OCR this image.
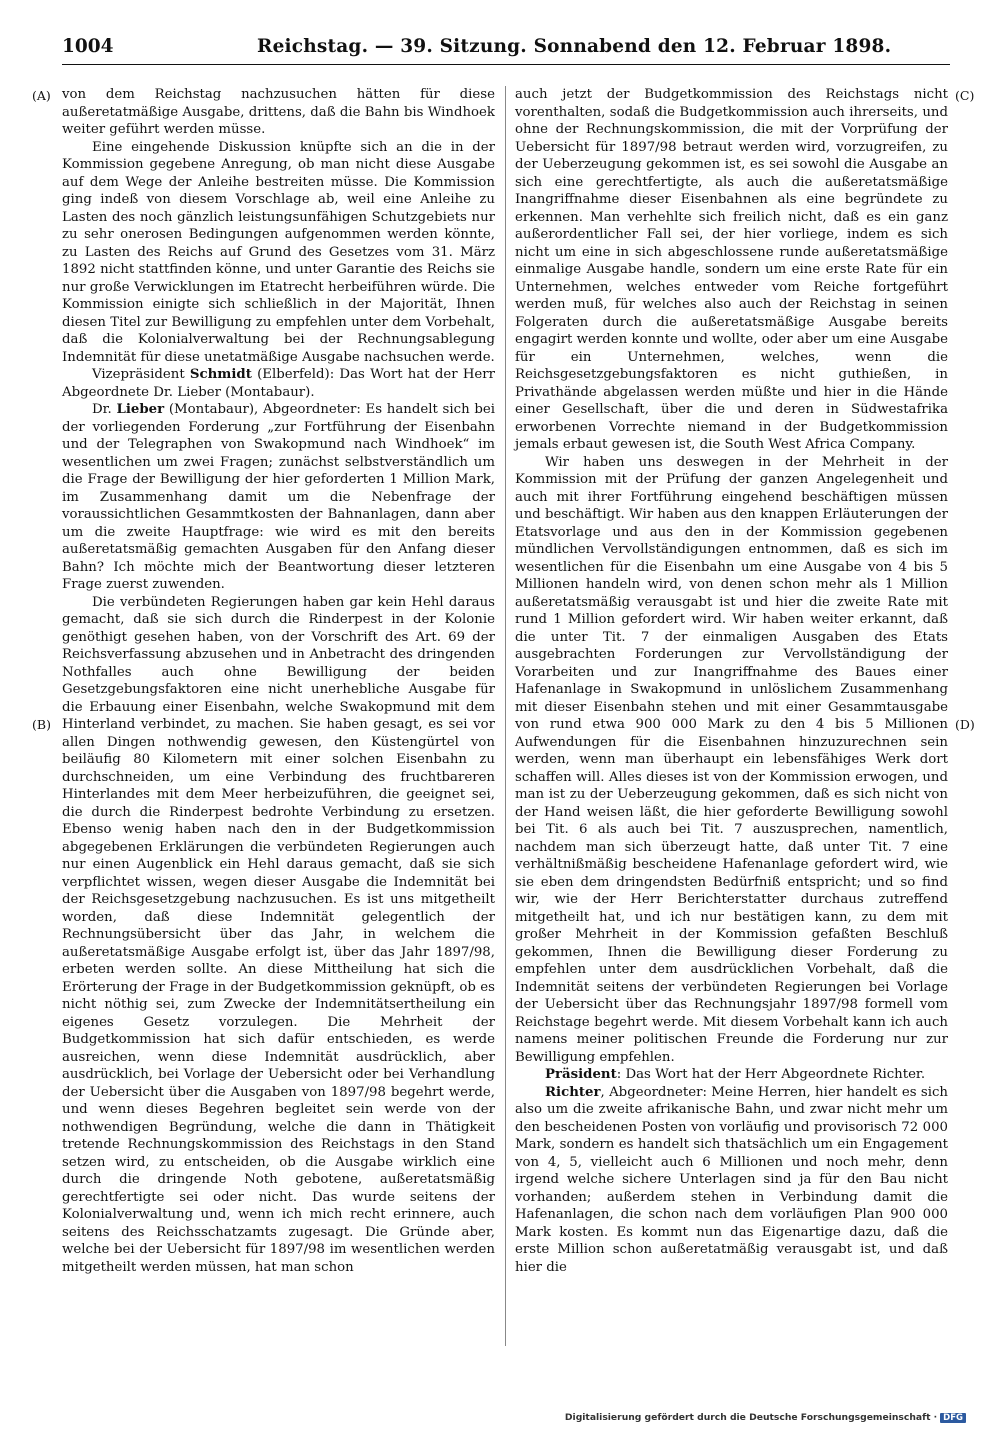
1004	Reichstag. — 39. Sitzung. Sonnabend den 12. Februar 1898.
(A)
(B)
(C)
(D)

von dem Reichstag nachzusuchen hätten für diese außeretatmäßige Ausgabe, drittens, daß die Bahn bis Windhoek weiter geführt werden müsse.

Eine eingehende Diskussion knüpfte sich an die in der Kommission gegebene Anregung, ob man nicht diese Ausgabe auf dem Wege der Anleihe bestreiten müsse. Die Kommission ging indeß von diesem Vorschlage ab, weil eine Anleihe zu Lasten des noch gänzlich leistungsunfähigen Schutzgebiets nur zu sehr onerosen Bedingungen aufgenommen werden könnte, zu Lasten des Reichs auf Grund des Gesetzes vom 31. März 1892 nicht stattfinden könne, und unter Garantie des Reichs sie nur große Verwicklungen im Etatrecht herbeiführen würde. Die Kommission einigte sich schließlich in der Majorität, Ihnen diesen Titel zur Bewilligung zu empfehlen unter dem Vorbehalt, daß die Kolonialverwaltung bei der Rechnungsablegung Indemnität für diese unetatmäßige Ausgabe nachsuchen werde.

Vizepräsident Schmidt (Elberfeld): Das Wort hat der Herr Abgeordnete Dr. Lieber (Montabaur).

Dr. Lieber (Montabaur), Abgeordneter: Es handelt sich bei der vorliegenden Forderung „zur Fortführung der Eisenbahn und der Telegraphen von Swakopmund nach Windhoek“ im wesentlichen um zwei Fragen; zunächst selbstverständlich um die Frage der Bewilligung der hier geforderten 1 Million Mark, im Zusammenhang damit um die Nebenfrage der voraussichtlichen Gesammtkosten der Bahnanlagen, dann aber um die zweite Hauptfrage: wie wird es mit den bereits außeretatsmäßig gemachten Ausgaben für den Anfang dieser Bahn? Ich möchte mich der Beantwortung dieser letzteren Frage zuerst zuwenden.

Die verbündeten Regierungen haben gar kein Hehl daraus gemacht, daß sie sich durch die Rinderpest in der Kolonie genöthigt gesehen haben, von der Vorschrift des Art. 69 der Reichsverfassung abzusehen und in Anbetracht des dringenden Nothfalles auch ohne Bewilligung der beiden Gesetzgebungsfaktoren eine nicht unerhebliche Ausgabe für die Erbauung einer Eisenbahn, welche Swakopmund mit dem Hinterland verbindet, zu machen. Sie haben gesagt, es sei vor allen Dingen nothwendig gewesen, den Küstengürtel von beiläufig 80 Kilometern mit einer solchen Eisenbahn zu durchschneiden, um eine Verbindung des fruchtbareren Hinterlandes mit dem Meer herbeizuführen, die geeignet sei, die durch die Rinderpest bedrohte Verbindung zu ersetzen. Ebenso wenig haben nach den in der Budgetkommission abgegebenen Erklärungen die verbündeten Regierungen auch nur einen Augenblick ein Hehl daraus gemacht, daß sie sich verpflichtet wissen, wegen dieser Ausgabe die Indemnität bei der Reichsgesetzgebung nachzusuchen. Es ist uns mitgetheilt worden, daß diese Indemnität gelegentlich der Rechnungsübersicht über das Jahr, in welchem die außeretatsmäßige Ausgabe erfolgt ist, über das Jahr 1897/98, erbeten werden sollte. An diese Mittheilung hat sich die Erörterung der Frage in der Budgetkommission geknüpft, ob es nicht nöthig sei, zum Zwecke der Indemnitätsertheilung ein eigenes Gesetz vorzulegen. Die Mehrheit der Budgetkommission hat sich dafür entschieden, es werde ausreichen, wenn diese Indemnität ausdrücklich, aber ausdrücklich, bei Vorlage der Uebersicht oder bei Verhandlung der Uebersicht über die Ausgaben von 1897/98 begehrt werde, und wenn dieses Begehren begleitet sein werde von der nothwendigen Begründung, welche die dann in Thätigkeit tretende Rechnungskommission des Reichstags in den Stand setzen wird, zu entscheiden, ob die Ausgabe wirklich eine durch die dringende Noth gebotene, außeretatsmäßig gerechtfertigte sei oder nicht. Das wurde seitens der Kolonialverwaltung und, wenn ich mich recht erinnere, auch seitens des Reichsschatzamts zugesagt. Die Gründe aber, welche bei der Uebersicht für 1897/98 im wesentlichen werden mitgetheilt werden müssen, hat man schon

auch jetzt der Budgetkommission des Reichstags nicht vorenthalten, sodaß die Budgetkommission auch ihrerseits, und ohne der Rechnungskommission, die mit der Vorprüfung der Uebersicht für 1897/98 betraut werden wird, vorzugreifen, zu der Ueberzeugung gekommen ist, es sei sowohl die Ausgabe an sich eine gerechtfertigte, als auch die außeretatsmäßige Inangriffnahme dieser Eisenbahnen als eine begründete zu erkennen. Man verhehlte sich freilich nicht, daß es ein ganz außerordentlicher Fall sei, der hier vorliege, indem es sich nicht um eine in sich abgeschlossene runde außeretatsmäßige einmalige Ausgabe handle, sondern um eine erste Rate für ein Unternehmen, welches entweder vom Reiche fortgeführt werden muß, für welches also auch der Reichstag in seinen Folgeraten durch die außeretatsmäßige Ausgabe bereits engagirt werden konnte und wollte, oder aber um eine Ausgabe für ein Unternehmen, welches, wenn die Reichsgesetzgebungsfaktoren es nicht guthießen, in Privathände abgelassen werden müßte und hier in die Hände einer Gesellschaft, über die und deren in Südwestafrika erworbenen Vorrechte niemand in der Budgetkommission jemals erbaut gewesen ist, die South West Africa Company.

Wir haben uns deswegen in der Mehrheit in der Kommission mit der Prüfung der ganzen Angelegenheit und auch mit ihrer Fortführung eingehend beschäftigen müssen und beschäftigt. Wir haben aus den knappen Erläuterungen der Etatsvorlage und aus den in der Kommission gegebenen mündlichen Vervollständigungen entnommen, daß es sich im wesentlichen für die Eisenbahn um eine Ausgabe von 4 bis 5 Millionen handeln wird, von denen schon mehr als 1 Million außeretatsmäßig verausgabt ist und hier die zweite Rate mit rund 1 Million gefordert wird. Wir haben weiter erkannt, daß die unter Tit. 7 der einmaligen Ausgaben des Etats ausgebrachten Forderungen zur Vervollständigung der Vorarbeiten und zur Inangriffnahme des Baues einer Hafenanlage in Swakopmund in unlöslichem Zusammenhang mit dieser Eisenbahn stehen und mit einer Gesammtausgabe von rund etwa 900 000 Mark zu den 4 bis 5 Millionen Aufwendungen für die Eisenbahnen hinzuzurechnen sein werden, wenn man überhaupt ein lebensfähiges Werk dort schaffen will. Alles dieses ist von der Kommission erwogen, und man ist zu der Ueberzeugung gekommen, daß es sich nicht von der Hand weisen läßt, die hier geforderte Bewilligung sowohl bei Tit. 6 als auch bei Tit. 7 auszusprechen, namentlich, nachdem man sich überzeugt hatte, daß unter Tit. 7 eine verhältnißmäßig bescheidene Hafenanlage gefordert wird, wie sie eben dem dringendsten Bedürfniß entspricht; und so find wir, wie der Herr Berichterstatter durchaus zutreffend mitgetheilt hat, und ich nur bestätigen kann, zu dem mit großer Mehrheit in der Kommission gefaßten Beschluß gekommen, Ihnen die Bewilligung dieser Forderung zu empfehlen unter dem ausdrücklichen Vorbehalt, daß die Indemnität seitens der verbündeten Regierungen bei Vorlage der Uebersicht über das Rechnungsjahr 1897/98 formell vom Reichstage begehrt werde. Mit diesem Vorbehalt kann ich auch namens meiner politischen Freunde die Forderung nur zur Bewilligung empfehlen.

Präsident: Das Wort hat der Herr Abgeordnete Richter.

Richter, Abgeordneter: Meine Herren, hier handelt es sich also um die zweite afrikanische Bahn, und zwar nicht mehr um den bescheidenen Posten von vorläufig und provisorisch 72 000 Mark, sondern es handelt sich thatsächlich um ein Engagement von 4, 5, vielleicht auch 6 Millionen und noch mehr, denn irgend welche sichere Unterlagen sind ja für den Bau nicht vorhanden; außerdem stehen in Verbindung damit die Hafenanlagen, die schon nach dem vorläufigen Plan 900 000 Mark kosten. Es kommt nun das Eigenartige dazu, daß die erste Million schon außeretatmäßig verausgabt ist, und daß hier die

Digitalisierung gefördert durch die Deutsche Forschungsgemeinschaft · DFG
